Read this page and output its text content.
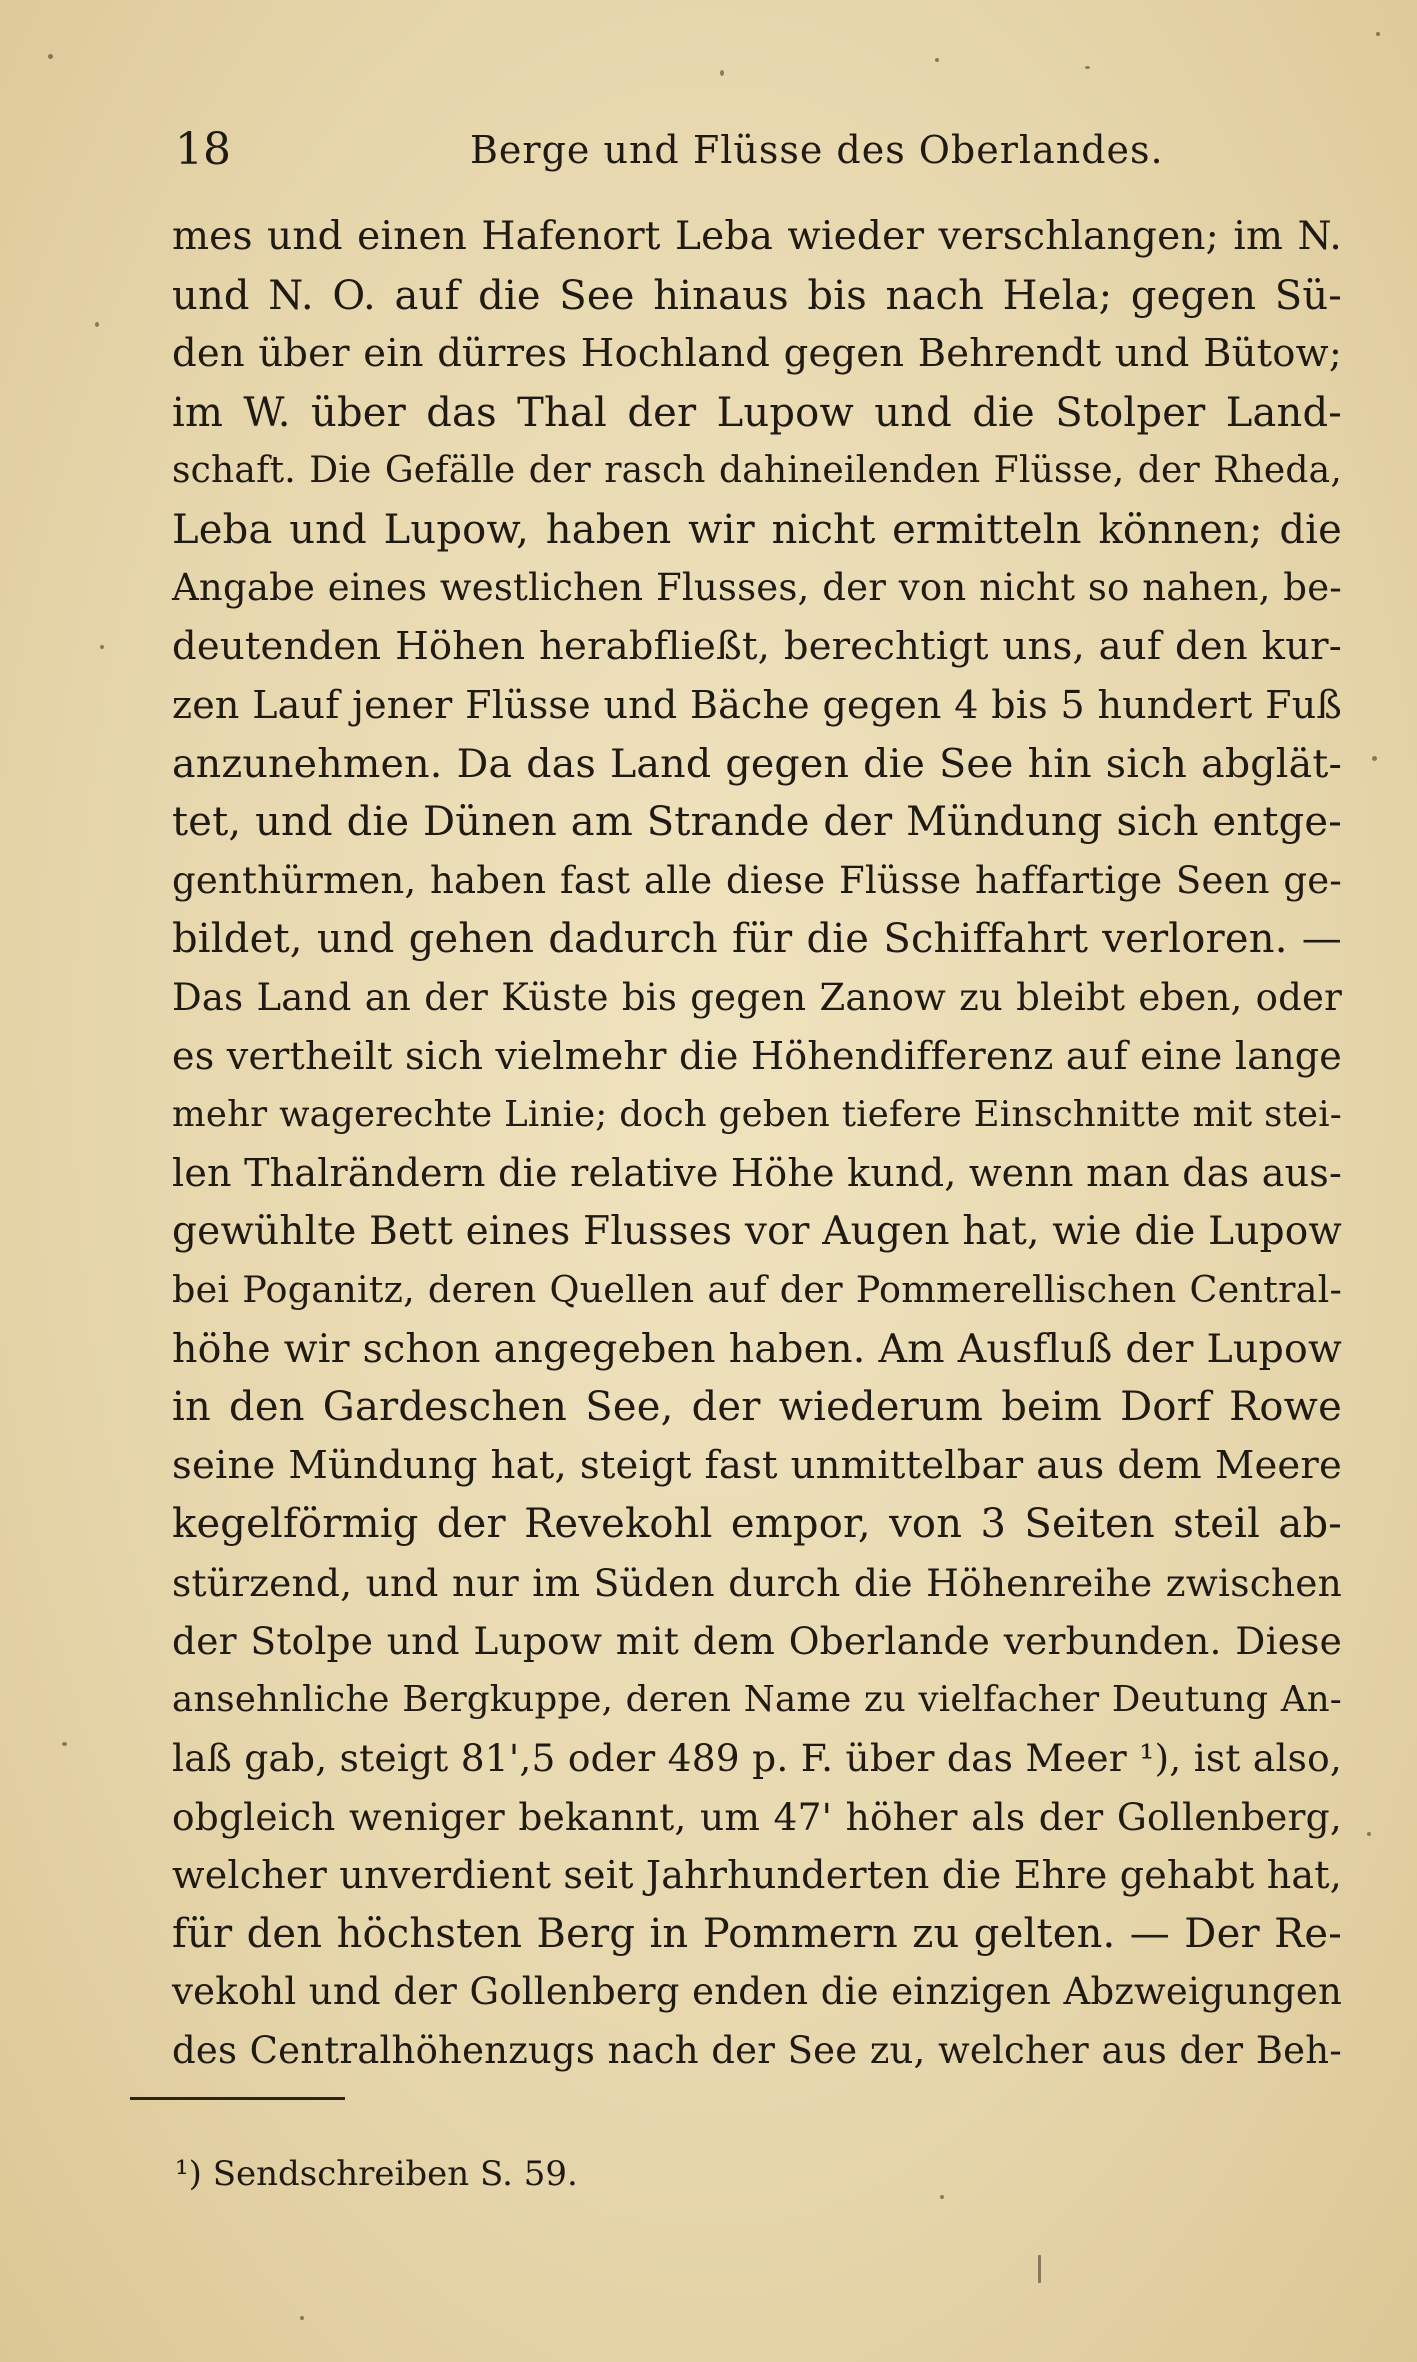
18	Berge und Flüsse des Oberlandes.
mes und einen Hafenort Leba wieder verschlangen; im N.
und N. O. auf die See hinaus bis nach Hela; gegen Sü-
den über ein dürres Hochland gegen Behrendt und Bütow;
im W. über das Thal der Lupow und die Stolper Land-
schaft. Die Gefälle der rasch dahineilenden Flüsse, der Rheda,
Leba und Lupow, haben wir nicht ermitteln können; die
Angabe eines westlichen Flusses, der von nicht so nahen, be-
deutenden Höhen herabfließt, berechtigt uns, auf den kur-
zen Lauf jener Flüsse und Bäche gegen 4 bis 5 hundert Fuß
anzunehmen. Da das Land gegen die See hin sich abglät-
tet, und die Dünen am Strande der Mündung sich entge-
genthürmen, haben fast alle diese Flüsse haffartige Seen ge-
bildet, und gehen dadurch für die Schiffahrt verloren. —
Das Land an der Küste bis gegen Zanow zu bleibt eben, oder
es vertheilt sich vielmehr die Höhendifferenz auf eine lange
mehr wagerechte Linie; doch geben tiefere Einschnitte mit stei-
len Thalrändern die relative Höhe kund, wenn man das aus-
gewühlte Bett eines Flusses vor Augen hat, wie die Lupow
bei Poganitz, deren Quellen auf der Pommerellischen Central-
höhe wir schon angegeben haben. Am Ausfluß der Lupow
in den Gardeschen See, der wiederum beim Dorf Rowe
seine Mündung hat, steigt fast unmittelbar aus dem Meere
kegelförmig der Revekohl empor, von 3 Seiten steil ab-
stürzend, und nur im Süden durch die Höhenreihe zwischen
der Stolpe und Lupow mit dem Oberlande verbunden. Diese
ansehnliche Bergkuppe, deren Name zu vielfacher Deutung An-
laß gab, steigt 81',5 oder 489 p. F. über das Meer ¹), ist also,
obgleich weniger bekannt, um 47' höher als der Gollenberg,
welcher unverdient seit Jahrhunderten die Ehre gehabt hat,
für den höchsten Berg in Pommern zu gelten. — Der Re-
vekohl und der Gollenberg enden die einzigen Abzweigungen
des Centralhöhenzugs nach der See zu, welcher aus der Beh-
¹) Sendschreiben S. 59.
